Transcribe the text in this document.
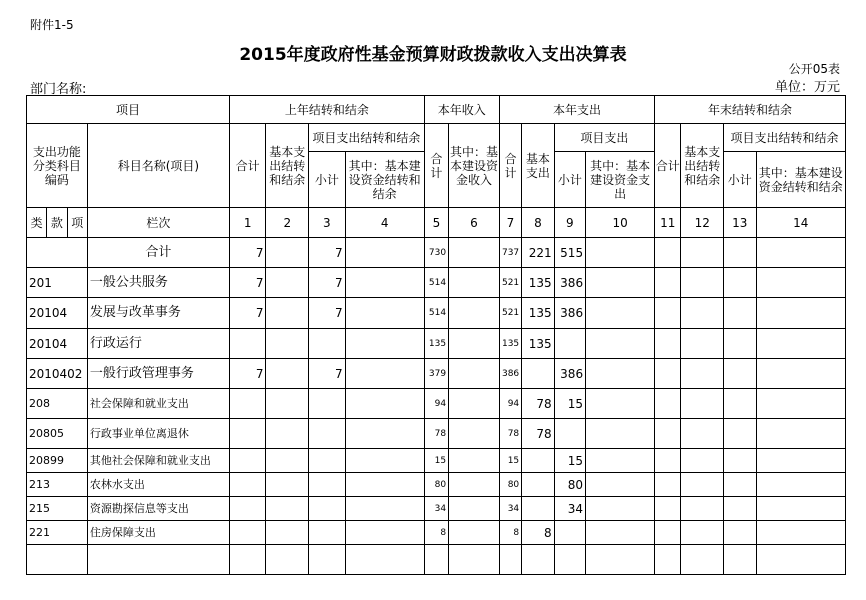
附件1-5
2015年度政府性基金预算财政拨款收入支出决算表
公开05表
部门名称:	单位：万元
项目				上年结转和结余				本年收入		本年支出				年末结转和结余			
支出功能分类科目编码			科目名称(项目)	合计	基本支出结转和结余	项目支出结转和结余		合计	其中：基本建设资金收入	合计	基本支出	项目支出		合计	基本支出结转和结余	项目支出结转和结余	
						小计	其中：基本建设资金结转和结余					小计	其中：基本建设资金支出			小计	其中：基本建设资金结转和结余
类	款	项	栏次	1	2	3	4	5	6	7	8	9	10	11	12	13	14
			合计	7		7		730		737	221	515					
201			一般公共服务	7		7		514		521	135	386					
20104			发展与改革事务	7		7		514		521	135	386					
20104			行政运行					135		135	135						
2010402			一般行政管理事务	7		7		379		386		386					
208			社会保障和就业支出					94		94	78	15					
20805			行政事业单位离退休					78		78	78						
20899			其他社会保障和就业支出					15		15		15					
213			农林水支出					80		80		80					
215			资源勘探信息等支出					34		34		34					
221			住房保障支出					8		8	8						
